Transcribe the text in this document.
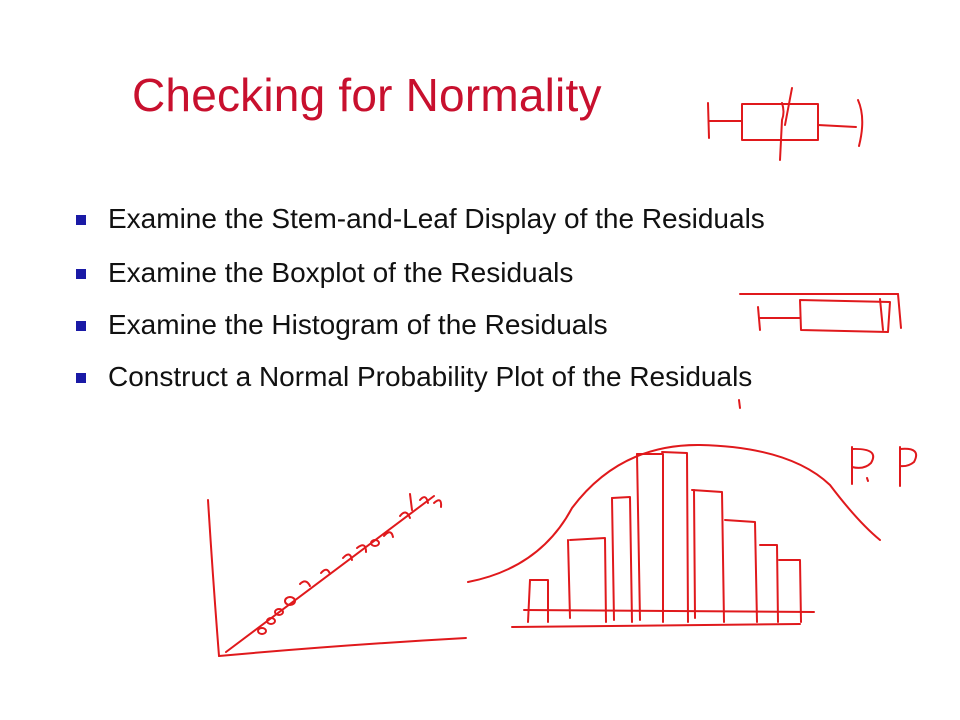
Checking for Normality
Examine the Stem-and-Leaf Display of the Residuals
Examine the Boxplot of the Residuals
Examine the Histogram of the Residuals
Construct a Normal Probability Plot of the Residuals
